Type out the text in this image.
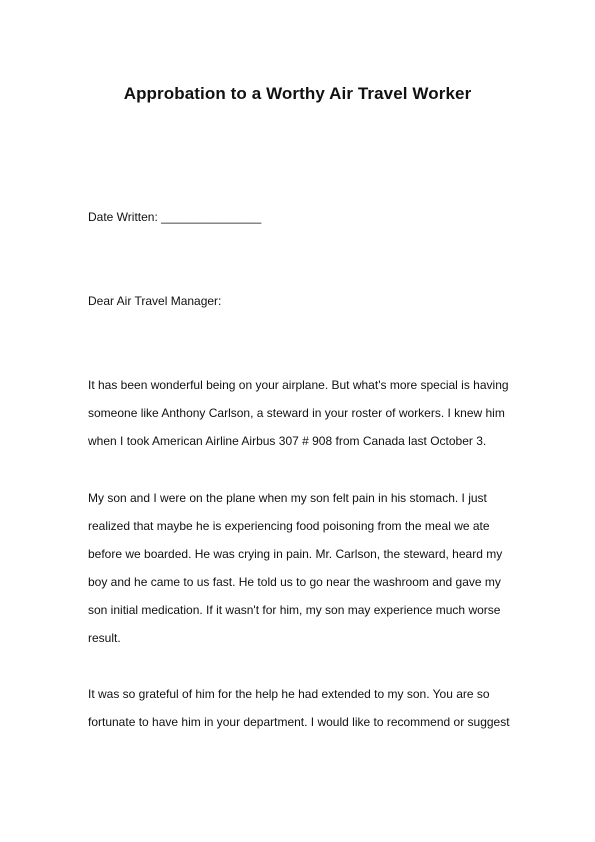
Approbation to a Worthy Air Travel Worker
Date Written: _______________
Dear Air Travel Manager:
It has been wonderful being on your airplane. But what's more special is having
someone like Anthony Carlson, a steward in your roster of workers. I knew him
when I took American Airline Airbus 307 # 908 from Canada last October 3.
My son and I were on the plane when my son felt pain in his stomach. I just
realized that maybe he is experiencing food poisoning from the meal we ate
before we boarded. He was crying in pain. Mr. Carlson, the steward, heard my
boy and he came to us fast. He told us to go near the washroom and gave my
son initial medication. If it wasn't for him, my son may experience much worse
result.
It was so grateful of him for the help he had extended to my son. You are so
fortunate to have him in your department. I would like to recommend or suggest
